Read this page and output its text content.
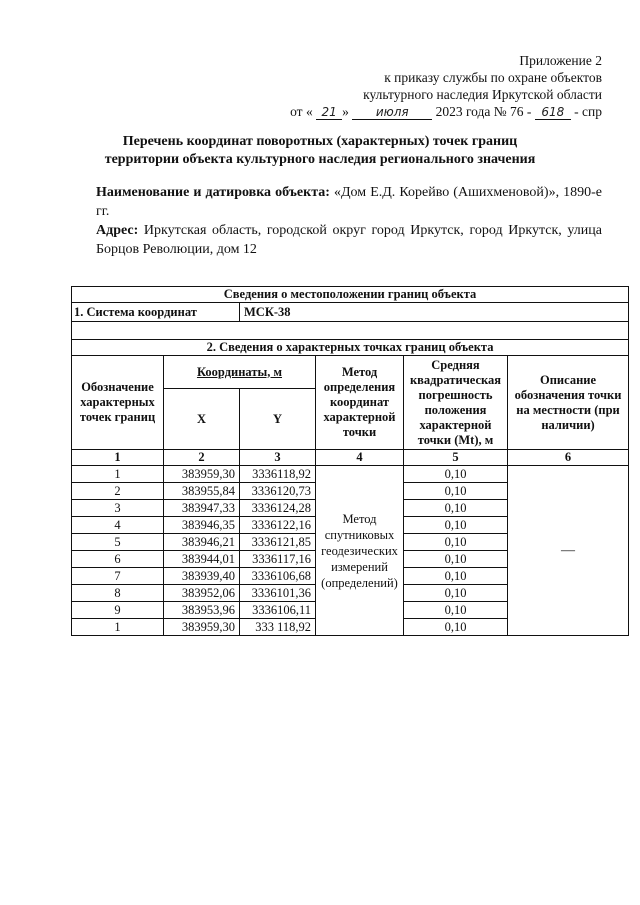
Приложение 2
к приказу службы по охране объектов
культурного наследия Иркутской области
от « 21 » июля 2023 года № 76 - 618 - спр
Перечень координат поворотных (характерных) точек границ
территории объекта культурного наследия регионального значения

Наименование и датировка объекта: «Дом Е.Д. Корейво (Ашихменовой)», 1890-е гг.

Адрес: Иркутская область, городской округ город Иркутск, город Иркутск, улица Борцов Революции, дом 12

Сведения о местоположении границ объекта					
1. Система координат		МСК-38			

2. Сведения о характерных точках границ объекта					
Обозначение характерных точек границ	Координаты, м		Метод определения координат характерной точки	Средняя квадратическая погрешность положения характерной точки (Mt), м	Описание обозначения точки на местности (при наличии)
	X	Y			
1	2	3	4	5	6
1	383959,30	3336118,92	Метод спутниковых геодезических измерений (определений)	0,10	—
2	383955,84	3336120,73		0,10	
3	383947,33	3336124,28		0,10	
4	383946,35	3336122,16		0,10	
5	383946,21	3336121,85		0,10	
6	383944,01	3336117,16		0,10	
7	383939,40	3336106,68		0,10	
8	383952,06	3336101,36		0,10	
9	383953,96	3336106,11		0,10	
1	383959,30	333 118,92		0,10	
